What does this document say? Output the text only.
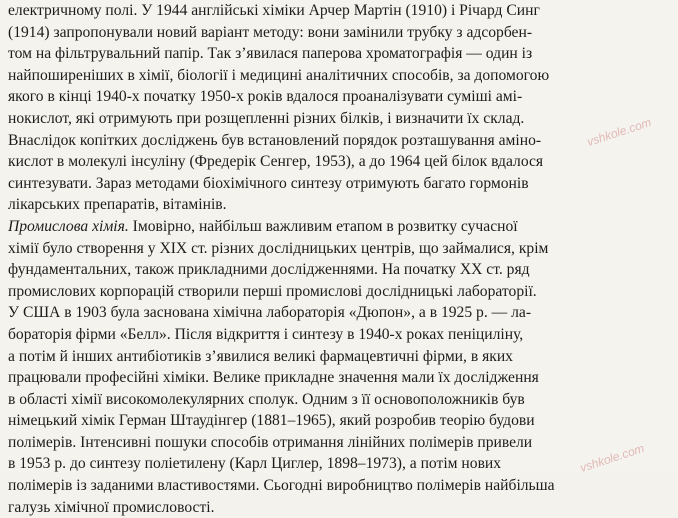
електричному полі. У 1944 англійські хіміки Арчер Мартін (1910) і Річард Синг
(1914) запропонували новий варіант методу: вони замінили трубку з адсорбен-
том на фільтрувальний папір. Так з’явилася паперова хроматографія — один із
найпоширеніших в хімії, біології і медицині аналітичних способів, за допомогою
якого в кінці 1940-х початку 1950-х років вдалося проаналізувати суміші амі-
нокислот, які отримують при розщепленні різних білків, і визначити їх склад.
Внаслідок копітких досліджень був встановлений порядок розташування аміно-
кислот в молекулі інсуліну (Фредерік Сенгер, 1953), а до 1964 цей білок вдалося
синтезувати. Зараз методами біохімічного синтезу отримують багато гормонів
лікарських препаратів, вітамінів.
Промислова хімія. Імовірно, найбільш важливим етапом в розвитку сучасної
хімії було створення у XIX ст. різних дослідницьких центрів, що займалися, крім
фундаментальних, також прикладними дослідженнями. На початку XX ст. ряд
промислових корпорацій створили перші промислові дослідницькі лабораторії.
У США в 1903 була заснована хімічна лабораторія «Дюпон», а в 1925 р. — ла-
бораторія фірми «Белл». Після відкриття і синтезу в 1940-х роках пеніциліну,
а потім й інших антибіотиків з’явилися великі фармацевтичні фірми, в яких
працювали професійні хіміки. Велике прикладне значення мали їх дослідження
в області хімії високомолекулярних сполук. Одним з її основоположників був
німецький хімік Герман Штаудінгер (1881–1965), який розробив теорію будови
полімерів. Інтенсивні пошуки способів отримання лінійних полімерів привели
в 1953 р. до синтезу поліетилену (Карл Циглер, 1898–1973), а потім нових
полімерів із заданими властивостями. Сьогодні виробництво полімерів найбільша
галузь хімічної промисловості.
vshkole.com
vshkole.com
